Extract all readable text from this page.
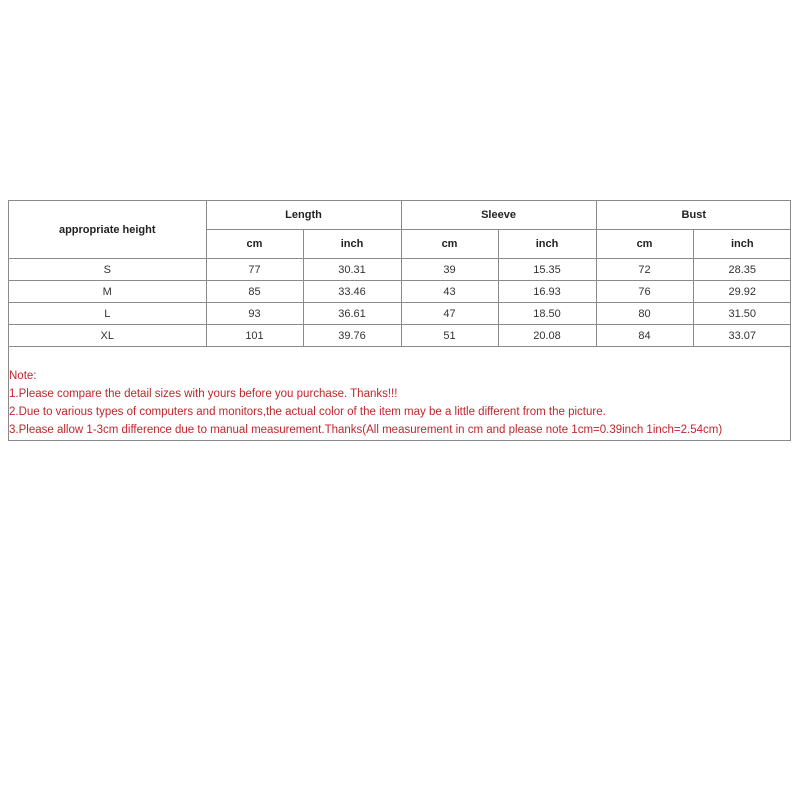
appropriate height	Length		Sleeve		Bust	
	cm	inch	cm	inch	cm	inch
S	77	30.31	39	15.35	72	28.35
M	85	33.46	43	16.93	76	29.92
L	93	36.61	47	18.50	80	31.50
XL	101	39.76	51	20.08	84	33.07
Note:
1.Please compare the detail sizes with yours before you purchase. Thanks!!!
2.Due to various types of computers and monitors,the actual color of the item may be a little different from the picture.
3.Please allow 1-3cm difference due to manual measurement.Thanks(All measurement in cm and please note 1cm=0.39inch 1inch=2.54cm)
